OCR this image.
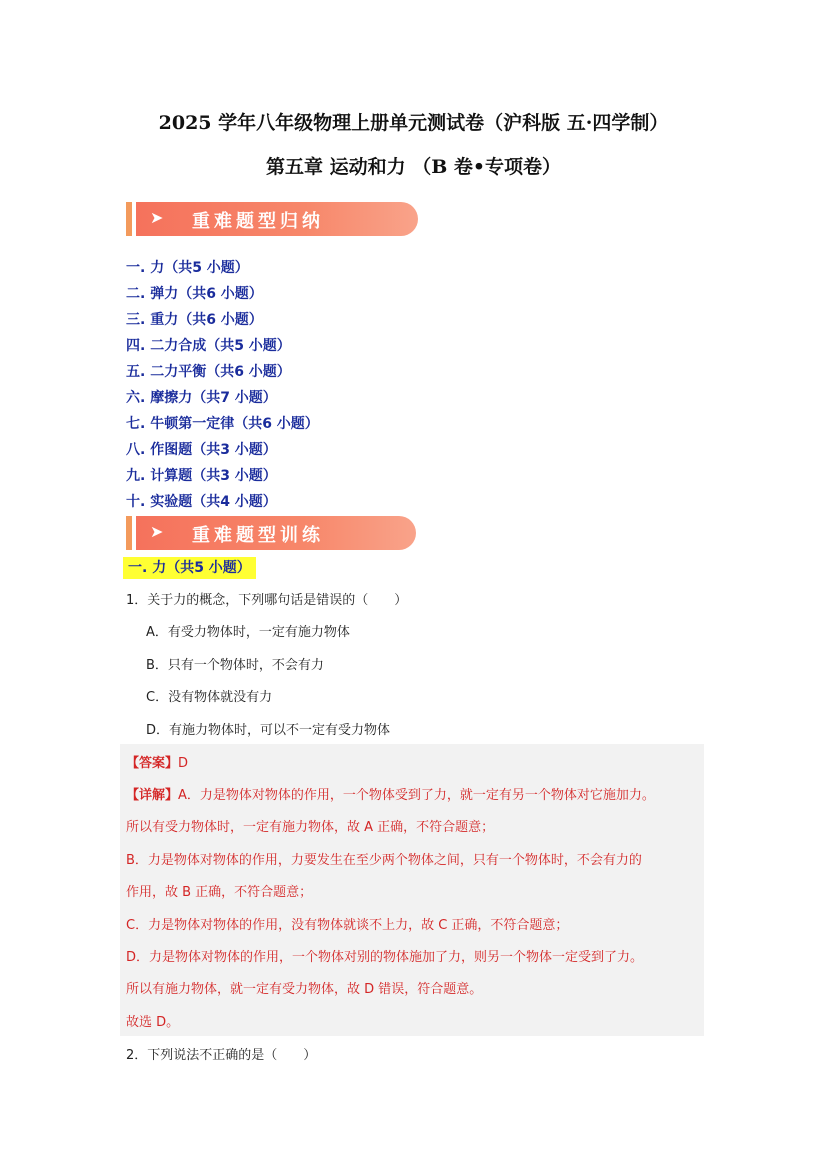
2025 学年八年级物理上册单元测试卷（沪科版 五·四学制）
第五章 运动和力 （B 卷•专项卷）
➤ 重难题型归纳
一. 力（共5 小题）
二. 弹力（共6 小题）
三. 重力（共6 小题）
四. 二力合成（共5 小题）
五. 二力平衡（共6 小题）
六. 摩擦力（共7 小题）
七. 牛顿第一定律（共6 小题）
八. 作图题（共3 小题）
九. 计算题（共3 小题）
十. 实验题（共4 小题）
➤ 重难题型训练
一. 力（共5 小题）
1．关于力的概念，下列哪句话是错误的（　　）
A．有受力物体时，一定有施力物体
B．只有一个物体时，不会有力
C．没有物体就没有力
D．有施力物体时，可以不一定有受力物体
【答案】D
【详解】A．力是物体对物体的作用，一个物体受到了力，就一定有另一个物体对它施加力。
所以有受力物体时，一定有施力物体，故 A 正确，不符合题意；
B．力是物体对物体的作用，力要发生在至少两个物体之间，只有一个物体时，不会有力的
作用，故 B 正确，不符合题意；
C．力是物体对物体的作用，没有物体就谈不上力，故 C 正确，不符合题意；
D．力是物体对物体的作用，一个物体对别的物体施加了力，则另一个物体一定受到了力。
所以有施力物体，就一定有受力物体，故 D 错误，符合题意。
故选 D。
2．下列说法不正确的是（　　）
